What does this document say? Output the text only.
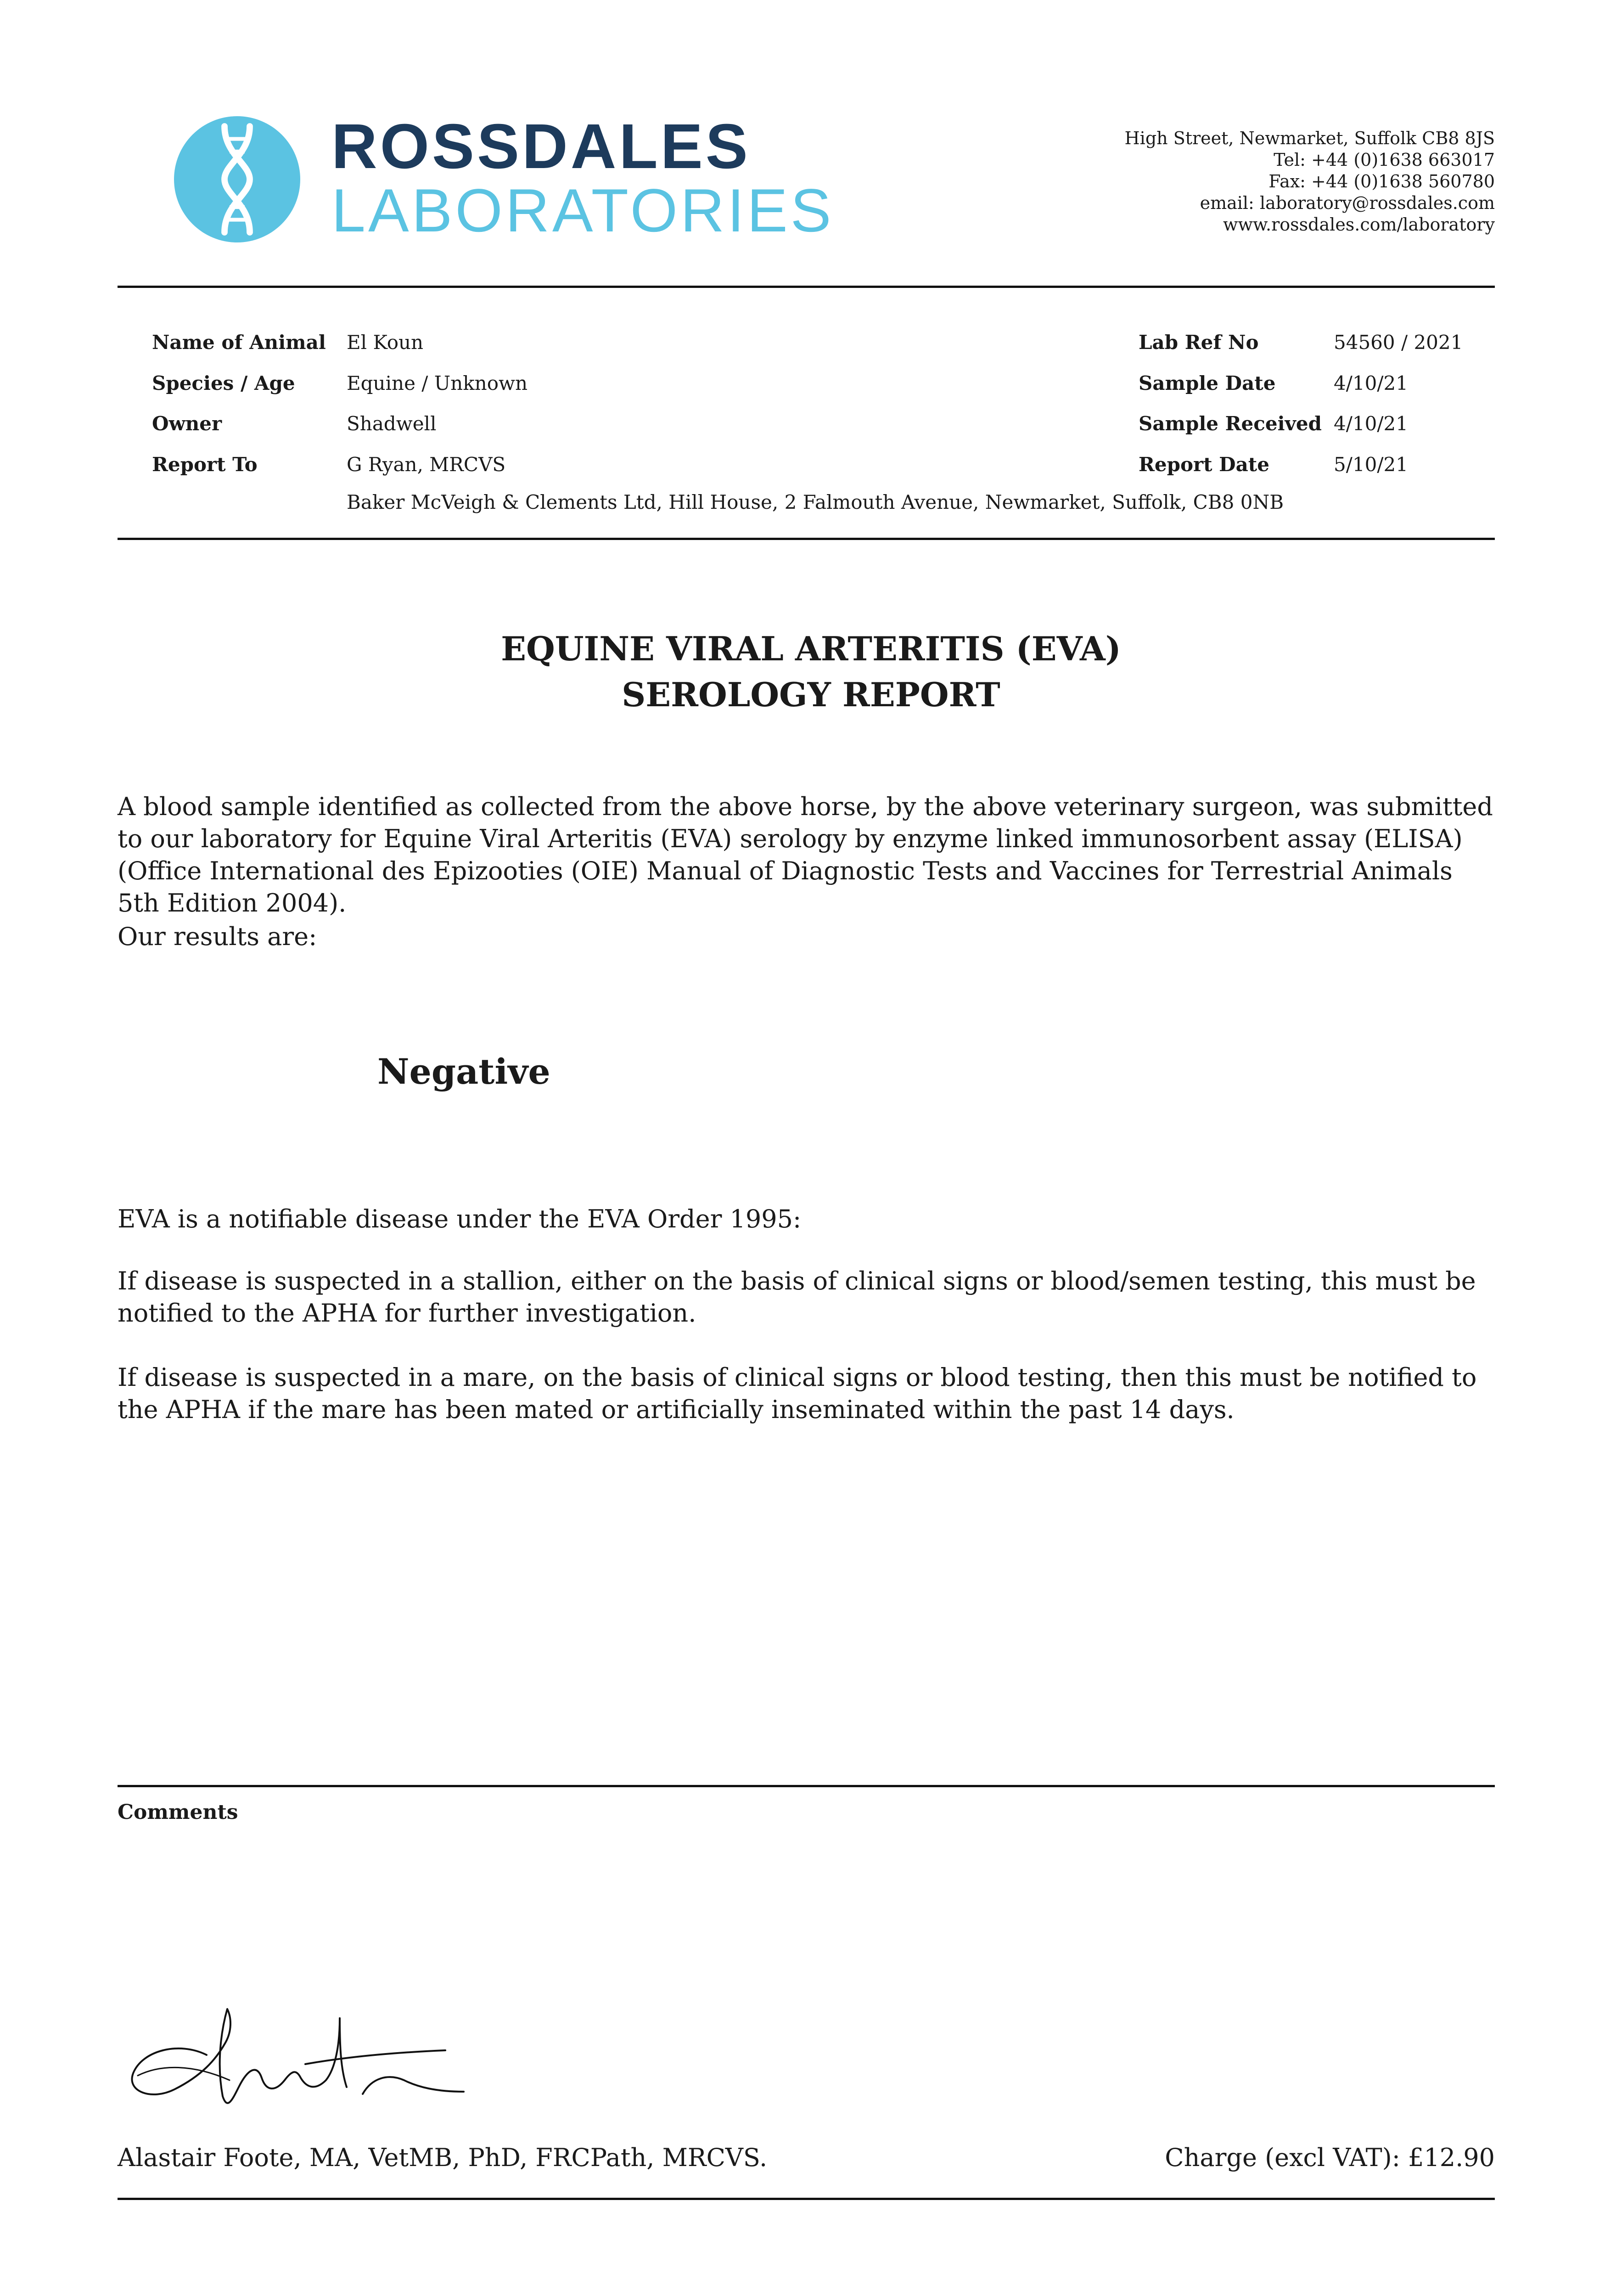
ROSSDALES
LABORATORIES
High Street, Newmarket, Suffolk CB8 8JS
Tel: +44 (0)1638 663017
Fax: +44 (0)1638 560780
email: laboratory@rossdales.com
www.rossdales.com/laboratory
Name of Animal El Koun
Species / Age	Equine / Unknown
Owner	Shadwell
Report To	G Ryan, MRCVS
Baker McVeigh & Clements Ltd, Hill House, 2 Falmouth Avenue, Newmarket, Suffolk, CB8 0NB
Lab Ref No	54560 / 2021
Sample Date	4/10/21
Sample Received 4/10/21
Report Date	5/10/21
EQUINE VIRAL ARTERITIS (EVA)
SEROLOGY REPORT
A blood sample identified as collected from the above horse, by the above veterinary surgeon, was submitted to our laboratory for Equine Viral Arteritis (EVA) serology by enzyme linked immunosorbent assay (ELISA) (Office International des Epizooties (OIE) Manual of Diagnostic Tests and Vaccines for Terrestrial Animals 5th Edition 2004).
Our results are:
Negative
EVA is a notifiable disease under the EVA Order 1995:
If disease is suspected in a stallion, either on the basis of clinical signs or blood/semen testing, this must be notified to the APHA for further investigation.
If disease is suspected in a mare, on the basis of clinical signs or blood testing, then this must be notified to the APHA if the mare has been mated or artificially inseminated within the past 14 days.
Comments
Alastair Foote, MA, VetMB, PhD, FRCPath, MRCVS.	Charge (excl VAT): £12.90
